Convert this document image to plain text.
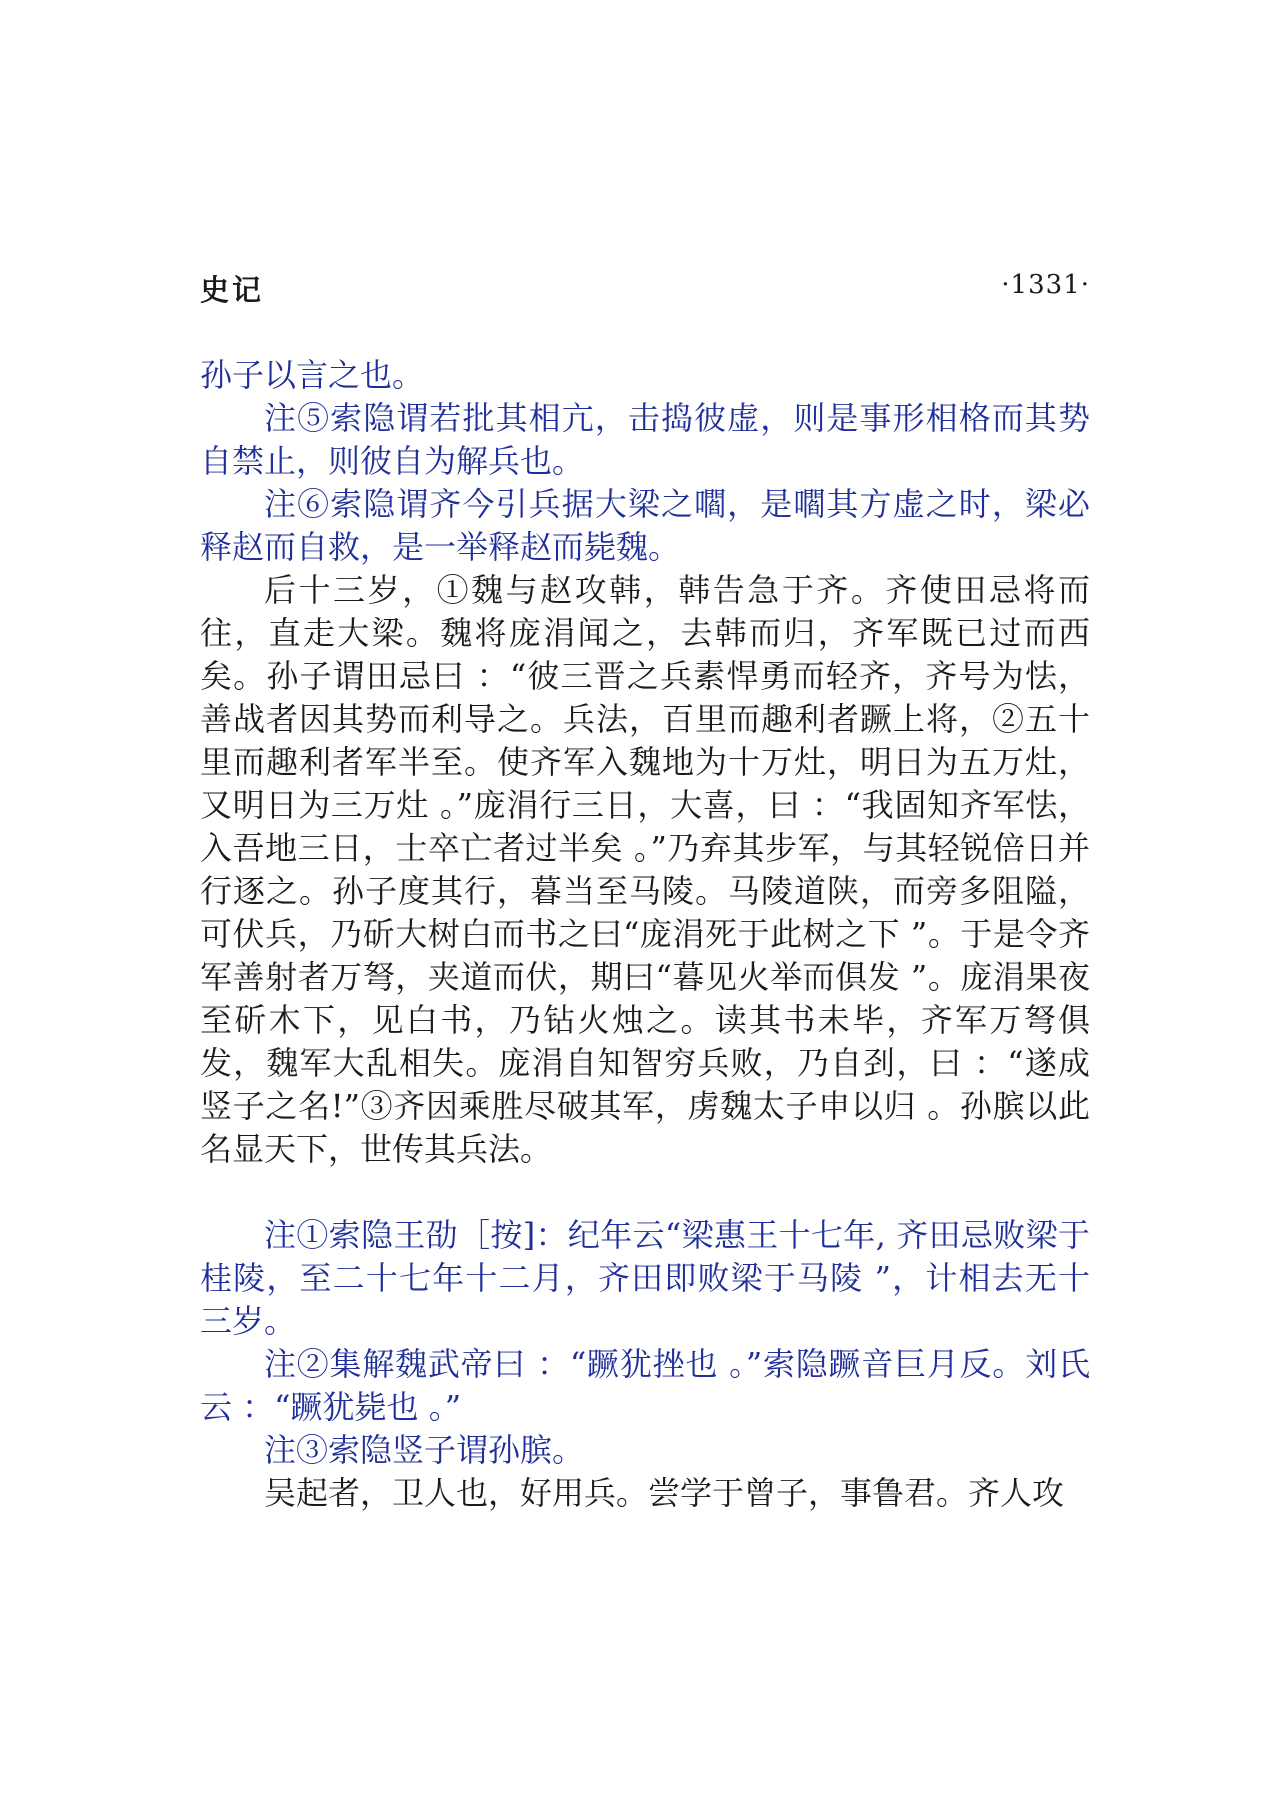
史记	·1331·

孙子以言之也。

注⑤索隐谓若批其相亢，击捣彼虚，则是事形相格而其势自禁止，则彼自为解兵也。

注⑥索隐谓齐今引兵据大梁之嚪，是嚪其方虚之时，梁必释赵而自救，是一举释赵而毙魏。

后十三岁，①魏与赵攻韩，韩告急于齐。齐使田忌将而往，直走大梁。魏将庞涓闻之，去韩而归，齐军既已过而西矣。孙子谓田忌曰 ：“彼三晋之兵素悍勇而轻齐，齐号为怯，善战者因其势而利导之。兵法，百里而趣利者蹶上将，②五十里而趣利者军半至。使齐军入魏地为十万灶，明日为五万灶，又明日为三万灶 。”庞涓行三日，大喜，曰 ：“我固知齐军怯，入吾地三日，士卒亡者过半矣 。”乃弃其步军，与其轻锐倍日并行逐之。孙子度其行，暮当至马陵。马陵道陕，而旁多阻隘，可伏兵，乃斫大树白而书之曰“庞涓死于此树之下 ”。于是令齐军善射者万弩，夹道而伏，期曰“暮见火举而俱发 ”。庞涓果夜至斫木下，见白书，乃钻火烛之。读其书未毕，齐军万弩俱发，魏军大乱相失。庞涓自知智穷兵败，乃自刭，曰 ：“遂成竖子之名!”③齐因乘胜尽破其军，虏魏太子申以归 。孙膑以此名显天下，世传其兵法。

注①索隐王劭［按]：纪年云“梁惠王十七年, 齐田忌败梁于桂陵，至二十七年十二月，齐田即败梁于马陵 ”，计相去无十三岁。

注②集解魏武帝曰 ：“蹶犹挫也 。”索隐蹶音巨月反。刘氏云 ：“蹶犹毙也 。”

注③索隐竖子谓孙膑。

吴起者，卫人也，好用兵。尝学于曾子，事鲁君。齐人攻
